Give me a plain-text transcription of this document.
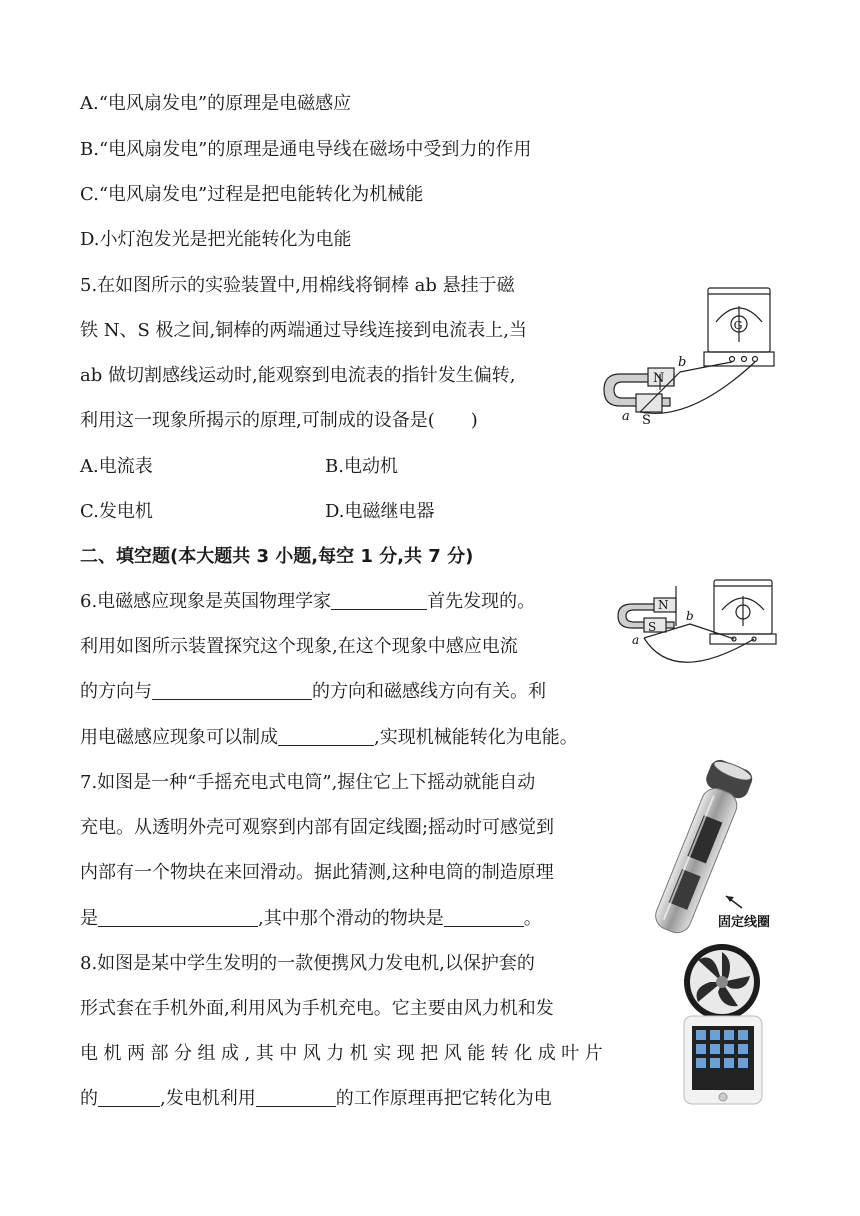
A.“电风扇发电”的原理是电磁感应
B.“电风扇发电”的原理是通电导线在磁场中受到力的作用
C.“电风扇发电”过程是把电能转化为机械能
D.小灯泡发光是把光能转化为电能
5.在如图所示的实验装置中,用棉线将铜棒 ab 悬挂于磁
铁 N、S 极之间,铜棒的两端通过导线连接到电流表上,当
ab 做切割感线运动时,能观察到电流表的指针发生偏转,
利用这一现象所揭示的原理,可制成的设备是(　　)
A.电流表	B.电动机
C.发电机	D.电磁继电器
G
N
S
a
b
二、填空题(本大题共 3 小题,每空 1 分,共 7 分)
6.电磁感应现象是英国物理学家	首先发现的。
利用如图所示装置探究这个现象,在这个现象中感应电流
的方向与	的方向和磁感线方向有关。利
用电磁感应现象可以制成	,实现机械能转化为电能。
N
S
a
b
7.如图是一种“手摇充电式电筒”,握住它上下摇动就能自动
充电。从透明外壳可观察到内部有固定线圈;摇动时可感觉到
内部有一个物块在来回滑动。据此猜测,这种电筒的制造原理
是	,其中那个滑动的物块是	。	固定线圈
8.如图是某中学生发明的一款便携风力发电机,以保护套的
形式套在手机外面,利用风为手机充电。它主要由风力机和发
电机两部分组成,其中风力机实现把风能转化成叶片
的	,发电机利用	的工作原理再把它转化为电
